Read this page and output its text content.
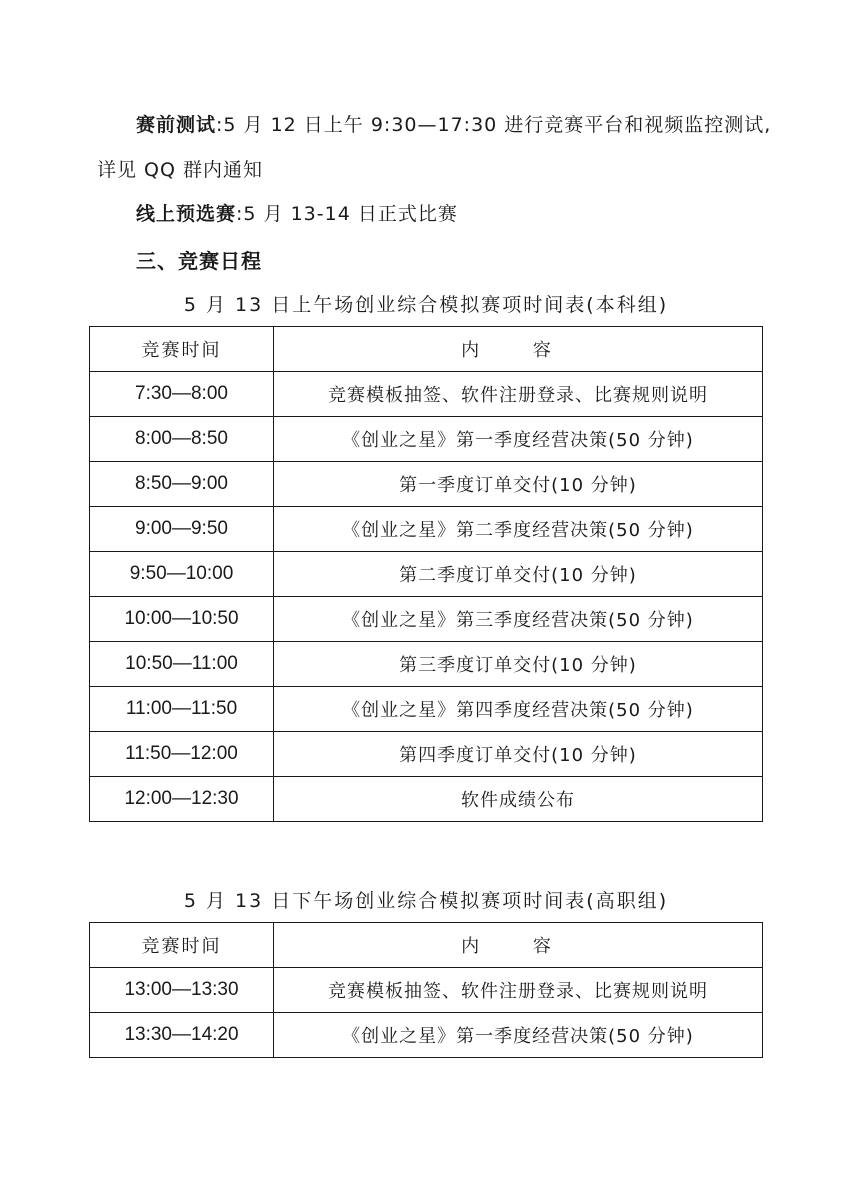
赛前测试:5 月 12 日上午 9:30—17:30 进行竞赛平台和视频监控测试,
详见 QQ 群内通知
线上预选赛:5 月 13-14 日正式比赛
三、竞赛日程
5 月 13 日上午场创业综合模拟赛项时间表(本科组)
竞赛时间	内 容
7:30—8:00	竞赛模板抽签、软件注册登录、比赛规则说明
8:00—8:50	《创业之星》第一季度经营决策(50 分钟)
8:50—9:00	第一季度订单交付(10 分钟)
9:00—9:50	《创业之星》第二季度经营决策(50 分钟)
9:50—10:00	第二季度订单交付(10 分钟)
10:00—10:50	《创业之星》第三季度经营决策(50 分钟)
10:50—11:00	第三季度订单交付(10 分钟)
11:00—11:50	《创业之星》第四季度经营决策(50 分钟)
11:50—12:00	第四季度订单交付(10 分钟)
12:00—12:30	软件成绩公布
5 月 13 日下午场创业综合模拟赛项时间表(高职组)
竞赛时间	内 容
13:00—13:30	竞赛模板抽签、软件注册登录、比赛规则说明
13:30—14:20	《创业之星》第一季度经营决策(50 分钟)
